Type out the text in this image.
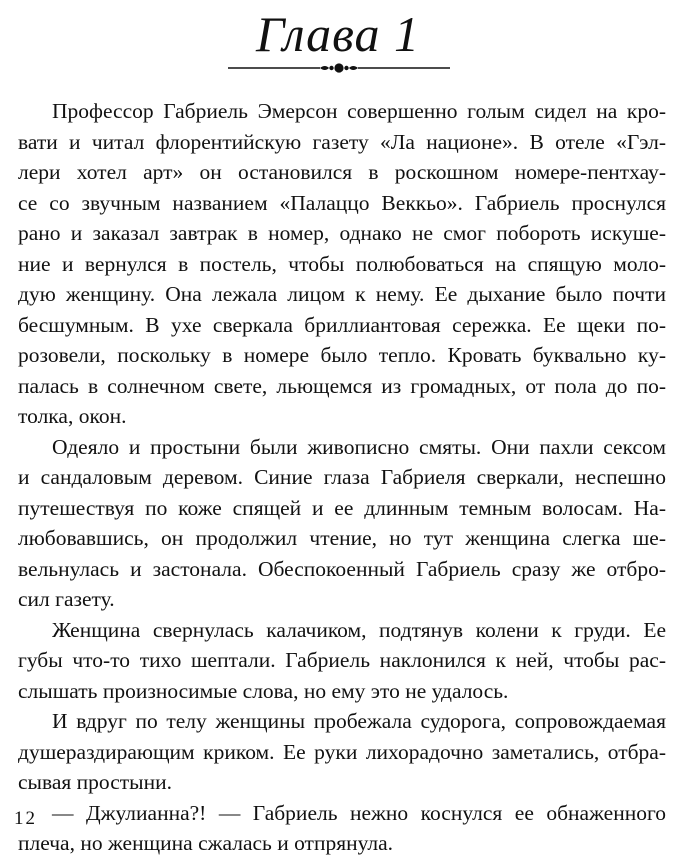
Глава 1
Профессор Габриель Эмерсон совершенно голым сидел на кро-
вати и читал флорентийскую газету «Ла национе». В отеле «Гэл-
лери хотел арт» он остановился в роскошном номере-пентхау-
се со звучным названием «Палаццо Веккьо». Габриель проснулся
рано и заказал завтрак в номер, однако не смог побороть искуше-
ние и вернулся в постель, чтобы полюбоваться на спящую моло-
дую женщину. Она лежала лицом к нему. Ее дыхание было почти
бесшумным. В ухе сверкала бриллиантовая сережка. Ее щеки по-
розовели, поскольку в номере было тепло. Кровать буквально ку-
палась в солнечном свете, льющемся из громадных, от пола до по-
толка, окон.
Одеяло и простыни были живописно смяты. Они пахли сексом
и сандаловым деревом. Синие глаза Габриеля сверкали, неспешно
путешествуя по коже спящей и ее длинным темным волосам. На-
любовавшись, он продолжил чтение, но тут женщина слегка ше-
вельнулась и застонала. Обеспокоенный Габриель сразу же отбро-
сил газету.
Женщина свернулась калачиком, подтянув колени к груди. Ее
губы что-то тихо шептали. Габриель наклонился к ней, чтобы рас-
слышать произносимые слова, но ему это не удалось.
И вдруг по телу женщины пробежала судорога, сопровождаемая
душераздирающим криком. Ее руки лихорадочно заметались, отбра-
сывая простыни.
— Джулианна?! — Габриель нежно коснулся ее обнаженного
плеча, но женщина сжалась и отпрянула.
12
